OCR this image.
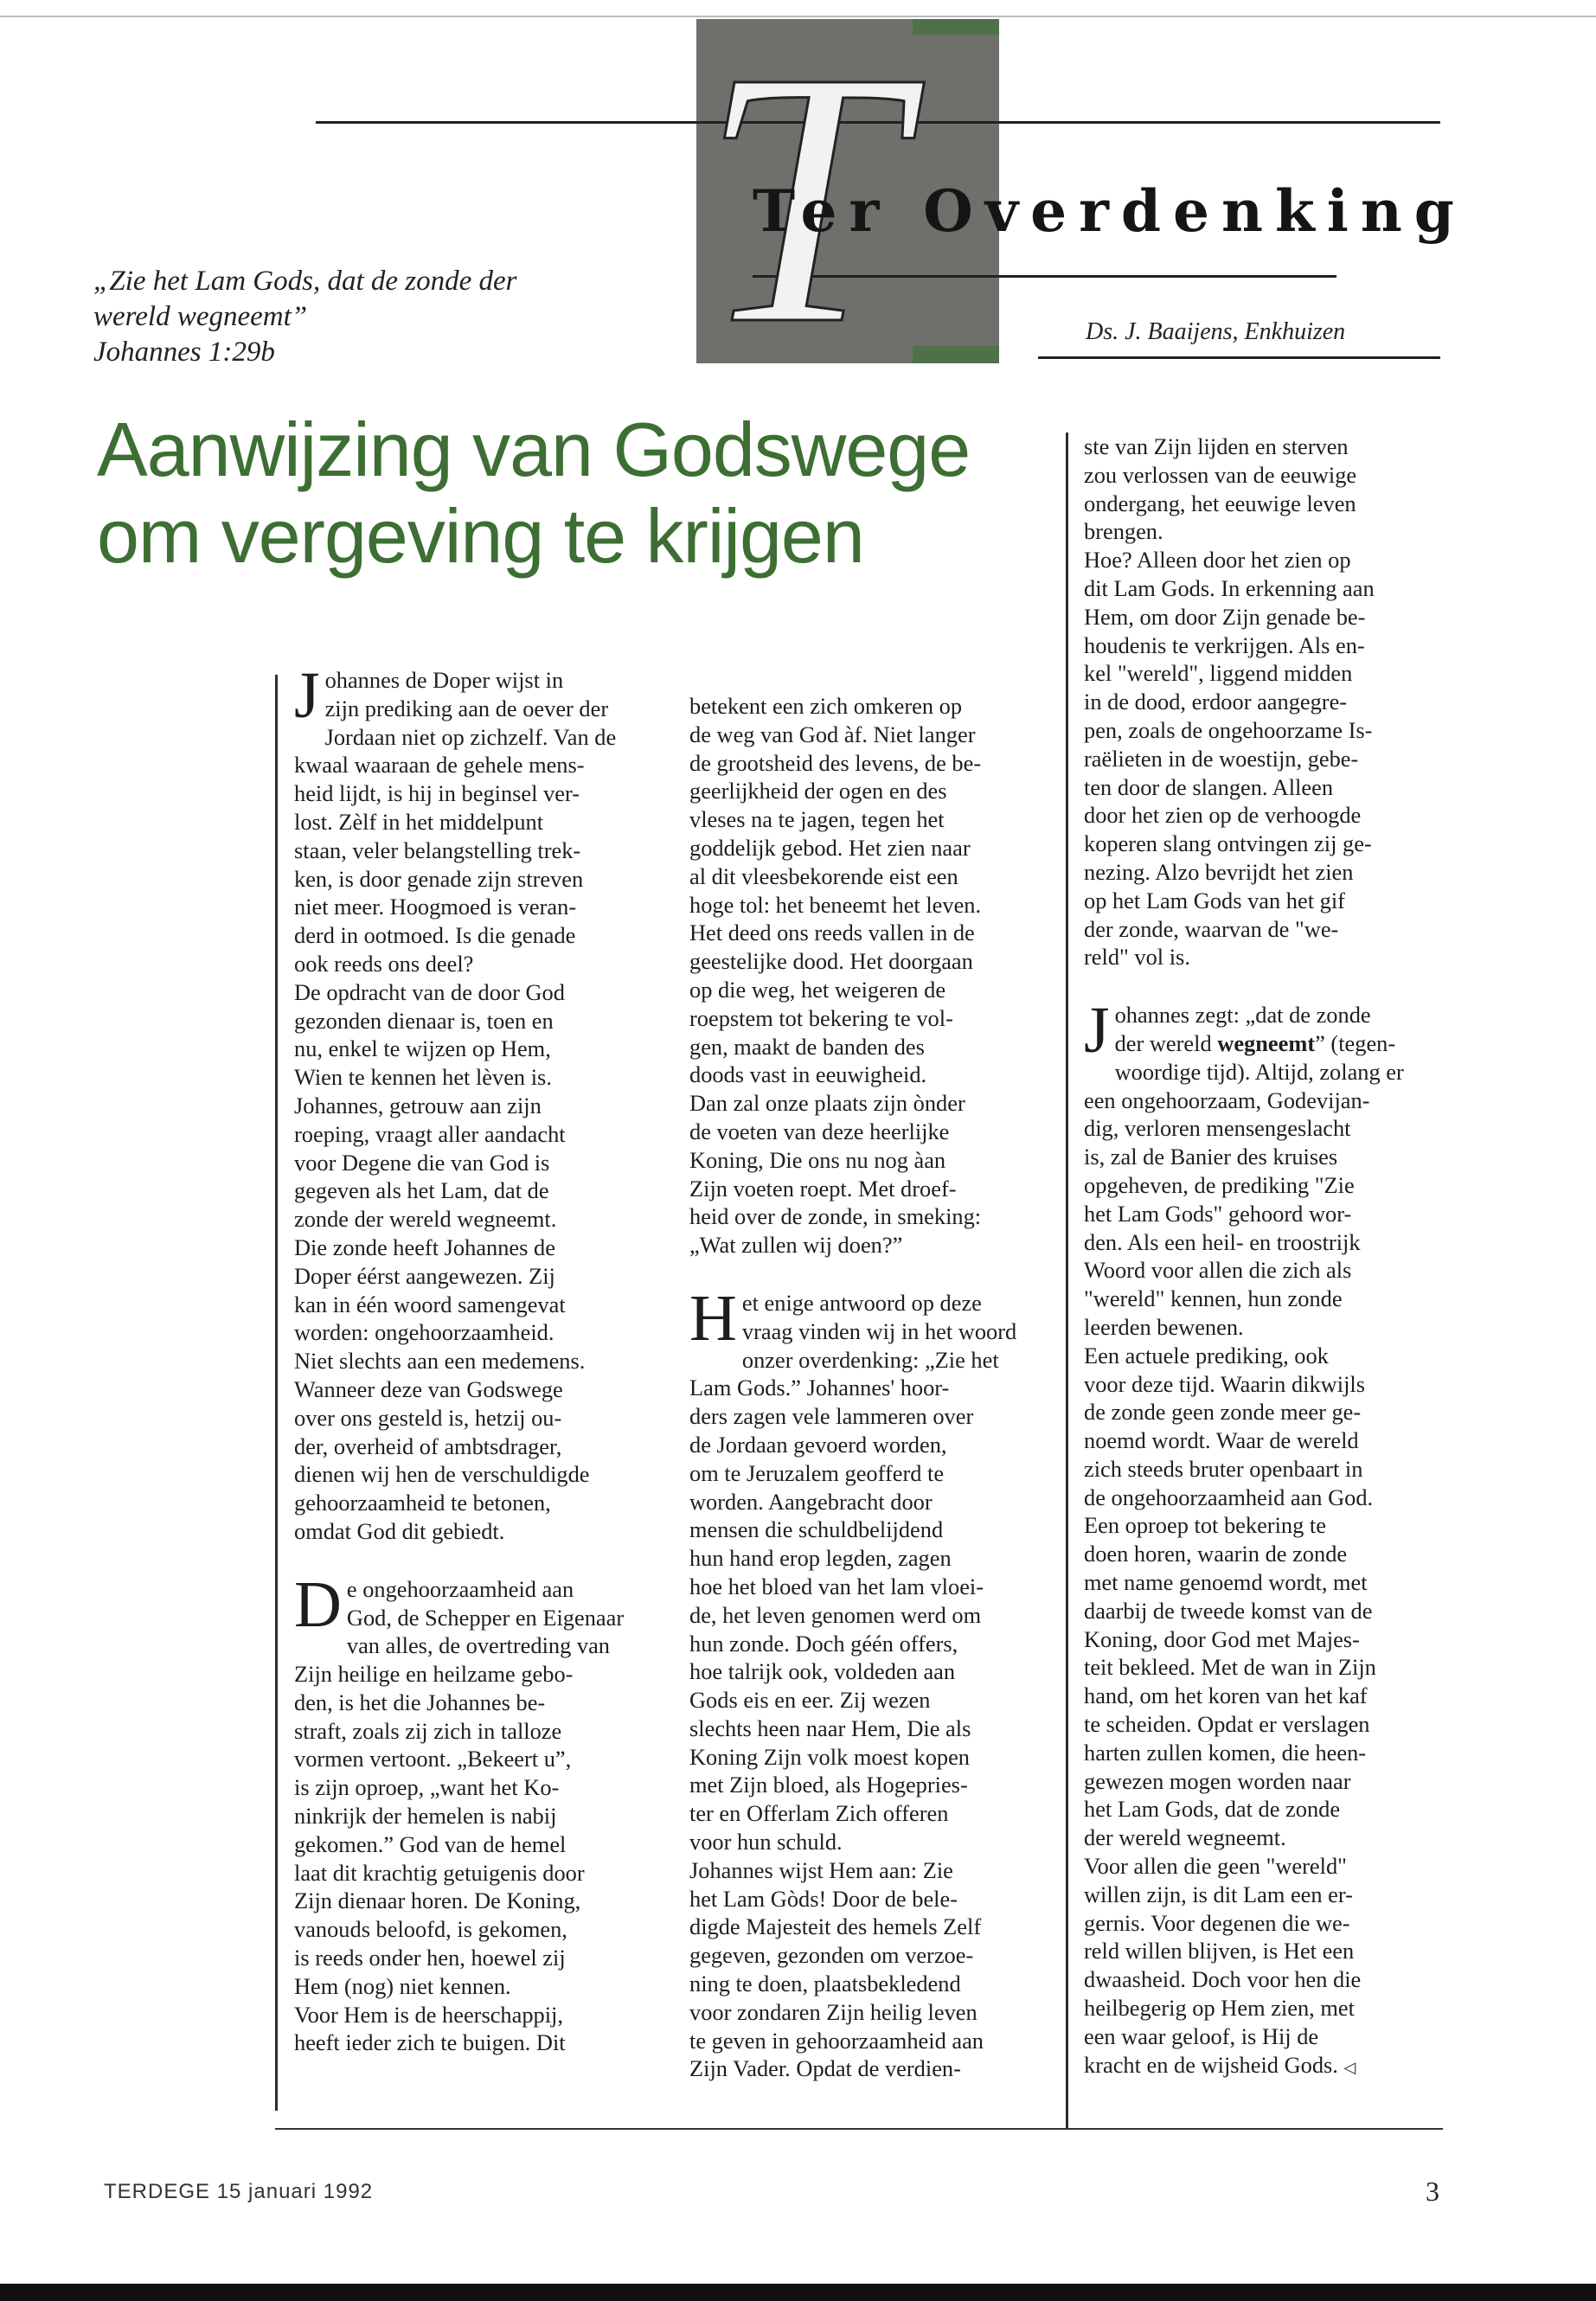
T
Ter Overdenking
„Zie het Lam Gods, dat de zonde der
wereld wegneemt”
Johannes 1:29b
Ds. J. Baaijens, Enkhuizen
Aanwijzing van Godswege
om vergeving te krijgen
Johannes de Doper wijst in
zijn prediking aan de oever der
Jordaan niet op zichzelf. Van de
kwaal waaraan de gehele mens-
heid lijdt, is hij in beginsel ver-
lost. Zèlf in het middelpunt
staan, veler belangstelling trek-
ken, is door genade zijn streven
niet meer. Hoogmoed is veran-
derd in ootmoed. Is die genade
ook reeds ons deel?
De opdracht van de door God
gezonden dienaar is, toen en
nu, enkel te wijzen op Hem,
Wien te kennen het lèven is.
Johannes, getrouw aan zijn
roeping, vraagt aller aandacht
voor Degene die van God is
gegeven als het Lam, dat de
zonde der wereld wegneemt.
Die zonde heeft Johannes de
Doper éérst aangewezen. Zij
kan in één woord samengevat
worden: ongehoorzaamheid.
Niet slechts aan een medemens.
Wanneer deze van Godswege
over ons gesteld is, hetzij ou-
der, overheid of ambtsdrager,
dienen wij hen de verschuldigde
gehoorzaamheid te betonen,
omdat God dit gebiedt.
De ongehoorzaamheid aan
God, de Schepper en Eigenaar
van alles, de overtreding van
Zijn heilige en heilzame gebo-
den, is het die Johannes be-
straft, zoals zij zich in talloze
vormen vertoont. „Bekeert u”,
is zijn oproep, „want het Ko-
ninkrijk der hemelen is nabij
gekomen.” God van de hemel
laat dit krachtig getuigenis door
Zijn dienaar horen. De Koning,
vanouds beloofd, is gekomen,
is reeds onder hen, hoewel zij
Hem (nog) niet kennen.
Voor Hem is de heerschappij,
heeft ieder zich te buigen. Dit
betekent een zich omkeren op
de weg van God àf. Niet langer
de grootsheid des levens, de be-
geerlijkheid der ogen en des
vleses na te jagen, tegen het
goddelijk gebod. Het zien naar
al dit vleesbekorende eist een
hoge tol: het beneemt het leven.
Het deed ons reeds vallen in de
geestelijke dood. Het doorgaan
op die weg, het weigeren de
roepstem tot bekering te vol-
gen, maakt de banden des
doods vast in eeuwigheid.
Dan zal onze plaats zijn ònder
de voeten van deze heerlijke
Koning, Die ons nu nog àan
Zijn voeten roept. Met droef-
heid over de zonde, in smeking:
„Wat zullen wij doen?”
Het enige antwoord op deze
vraag vinden wij in het woord
onzer overdenking: „Zie het
Lam Gods.” Johannes' hoor-
ders zagen vele lammeren over
de Jordaan gevoerd worden,
om te Jeruzalem geofferd te
worden. Aangebracht door
mensen die schuldbelijdend
hun hand erop legden, zagen
hoe het bloed van het lam vloei-
de, het leven genomen werd om
hun zonde. Doch géén offers,
hoe talrijk ook, voldeden aan
Gods eis en eer. Zij wezen
slechts heen naar Hem, Die als
Koning Zijn volk moest kopen
met Zijn bloed, als Hogepries-
ter en Offerlam Zich offeren
voor hun schuld.
Johannes wijst Hem aan: Zie
het Lam Gòds! Door de bele-
digde Majesteit des hemels Zelf
gegeven, gezonden om verzoe-
ning te doen, plaatsbekledend
voor zondaren Zijn heilig leven
te geven in gehoorzaamheid aan
Zijn Vader. Opdat de verdien-
ste van Zijn lijden en sterven
zou verlossen van de eeuwige
ondergang, het eeuwige leven
brengen.
Hoe? Alleen door het zien op
dit Lam Gods. In erkenning aan
Hem, om door Zijn genade be-
houdenis te verkrijgen. Als en-
kel "wereld", liggend midden
in de dood, erdoor aangegre-
pen, zoals de ongehoorzame Is-
raëlieten in de woestijn, gebe-
ten door de slangen. Alleen
door het zien op de verhoogde
koperen slang ontvingen zij ge-
nezing. Alzo bevrijdt het zien
op het Lam Gods van het gif
der zonde, waarvan de "we-
reld" vol is.
Johannes zegt: „dat de zonde
der wereld wegneemt” (tegen-
woordige tijd). Altijd, zolang er
een ongehoorzaam, Godevijan-
dig, verloren mensengeslacht
is, zal de Banier des kruises
opgeheven, de prediking "Zie
het Lam Gods" gehoord wor-
den. Als een heil- en troostrijk
Woord voor allen die zich als
"wereld" kennen, hun zonde
leerden bewenen.
Een actuele prediking, ook
voor deze tijd. Waarin dikwijls
de zonde geen zonde meer ge-
noemd wordt. Waar de wereld
zich steeds bruter openbaart in
de ongehoorzaamheid aan God.
Een oproep tot bekering te
doen horen, waarin de zonde
met name genoemd wordt, met
daarbij de tweede komst van de
Koning, door God met Majes-
teit bekleed. Met de wan in Zijn
hand, om het koren van het kaf
te scheiden. Opdat er verslagen
harten zullen komen, die heen-
gewezen mogen worden naar
het Lam Gods, dat de zonde
der wereld wegneemt.
Voor allen die geen "wereld"
willen zijn, is dit Lam een er-
gernis. Voor degenen die we-
reld willen blijven, is Het een
dwaasheid. Doch voor hen die
heilbegerig op Hem zien, met
een waar geloof, is Hij de
kracht en de wijsheid Gods. ◁
TERDEGE 15 januari 1992	3
